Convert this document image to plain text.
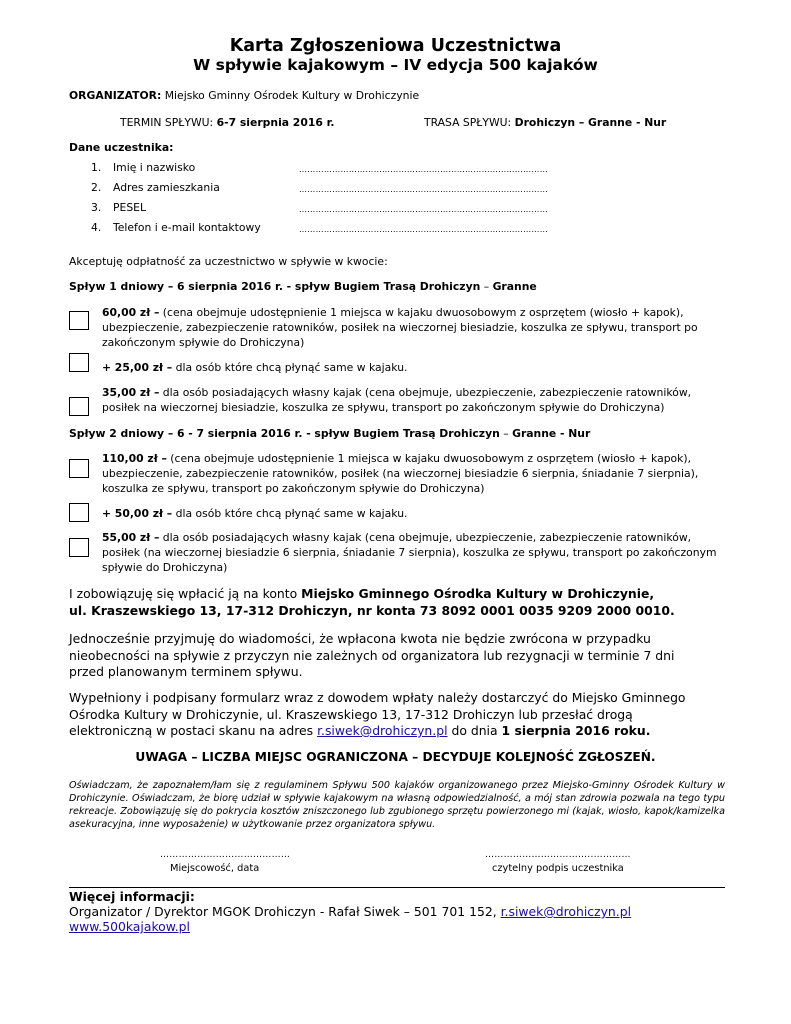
Karta Zgłoszeniowa Uczestnictwa
W spływie kajakowym – IV edycja 500 kajaków
ORGANIZATOR: Miejsko Gminny Ośrodek Kultury w Drohiczynie
TERMIN SPŁYWU: 6-7 sierpnia 2016 r.	TRASA SPŁYWU: Drohiczyn – Granne - Nur
Dane uczestnika:
1. Imię i nazwisko	………………………………………………………………………………
2. Adres zamieszkania	………………………………………………………………………………
3. PESEL	………………………………………………………………………………
4. Telefon i e-mail kontaktowy	………………………………………………………………………………
Akceptuję odpłatność za uczestnictwo w spływie w kwocie:
Spływ 1 dniowy – 6 sierpnia 2016 r. - spływ Bugiem Trasą Drohiczyn – Granne
60,00 zł – (cena obejmuje udostępnienie 1 miejsca w kajaku dwuosobowym z osprzętem (wiosło + kapok), ubezpieczenie, zabezpieczenie ratowników, posiłek na wieczornej biesiadzie, koszulka ze spływu, transport po zakończonym spływie do Drohiczyna)
+ 25,00 zł – dla osób które chcą płynąć same w kajaku.
35,00 zł – dla osób posiadających własny kajak (cena obejmuje, ubezpieczenie, zabezpieczenie ratowników, posiłek na wieczornej biesiadzie, koszulka ze spływu, transport po zakończonym spływie do Drohiczyna)
Spływ 2 dniowy – 6 - 7 sierpnia 2016 r. - spływ Bugiem Trasą Drohiczyn – Granne - Nur
110,00 zł – (cena obejmuje udostępnienie 1 miejsca w kajaku dwuosobowym z osprzętem (wiosło + kapok), ubezpieczenie, zabezpieczenie ratowników, posiłek (na wieczornej biesiadzie 6 sierpnia, śniadanie 7 sierpnia), koszulka ze spływu, transport po zakończonym spływie do Drohiczyna)
+ 50,00 zł – dla osób które chcą płynąć same w kajaku.
55,00 zł – dla osób posiadających własny kajak (cena obejmuje, ubezpieczenie, zabezpieczenie ratowników, posiłek (na wieczornej biesiadzie 6 sierpnia, śniadanie 7 sierpnia), koszulka ze spływu, transport po zakończonym spływie do Drohiczyna)
I zobowiązuję się wpłacić ją na konto Miejsko Gminnego Ośrodka Kultury w Drohiczynie,
ul. Kraszewskiego 13, 17-312 Drohiczyn, nr konta 73 8092 0001 0035 9209 2000 0010.
Jednocześnie przyjmuję do wiadomości, że wpłacona kwota nie będzie zwrócona w przypadku nieobecności na spływie z przyczyn nie zależnych od organizatora lub rezygnacji w terminie 7 dni przed planowanym terminem spływu.
Wypełniony i podpisany formularz wraz z dowodem wpłaty należy dostarczyć do Miejsko Gminnego Ośrodka Kultury w Drohiczynie, ul. Kraszewskiego 13, 17-312 Drohiczyn lub przesłać drogą elektroniczną w postaci skanu na adres r.siwek@drohiczyn.pl do dnia 1 sierpnia 2016 roku.
UWAGA – LICZBA MIEJSC OGRANICZONA – DECYDUJE KOLEJNOŚĆ ZGŁOSZEŃ.
Oświadczam, że zapoznałem/łam się z regulaminem Spływu 500 kajaków organizowanego przez Miejsko-Gminny Ośrodek Kultury w Drohiczynie. Oświadczam, że biorę udział w spływie kajakowym na własną odpowiedzialność, a mój stan zdrowia pozwala na tego typu rekreacje. Zobowiązuję się do pokrycia kosztów zniszczonego lub zgubionego sprzętu powierzonego mi (kajak, wiosło, kapok/kamizelka asekuracyjna, inne wyposażenie) w użytkowanie przez organizatora spływu.
……………………………………
Miejscowość, data
……………………………..…………
czytelny podpis uczestnika
Więcej informacji:
Organizator / Dyrektor MGOK Drohiczyn - Rafał Siwek – 501 701 152, r.siwek@drohiczyn.pl
www.500kajakow.pl
